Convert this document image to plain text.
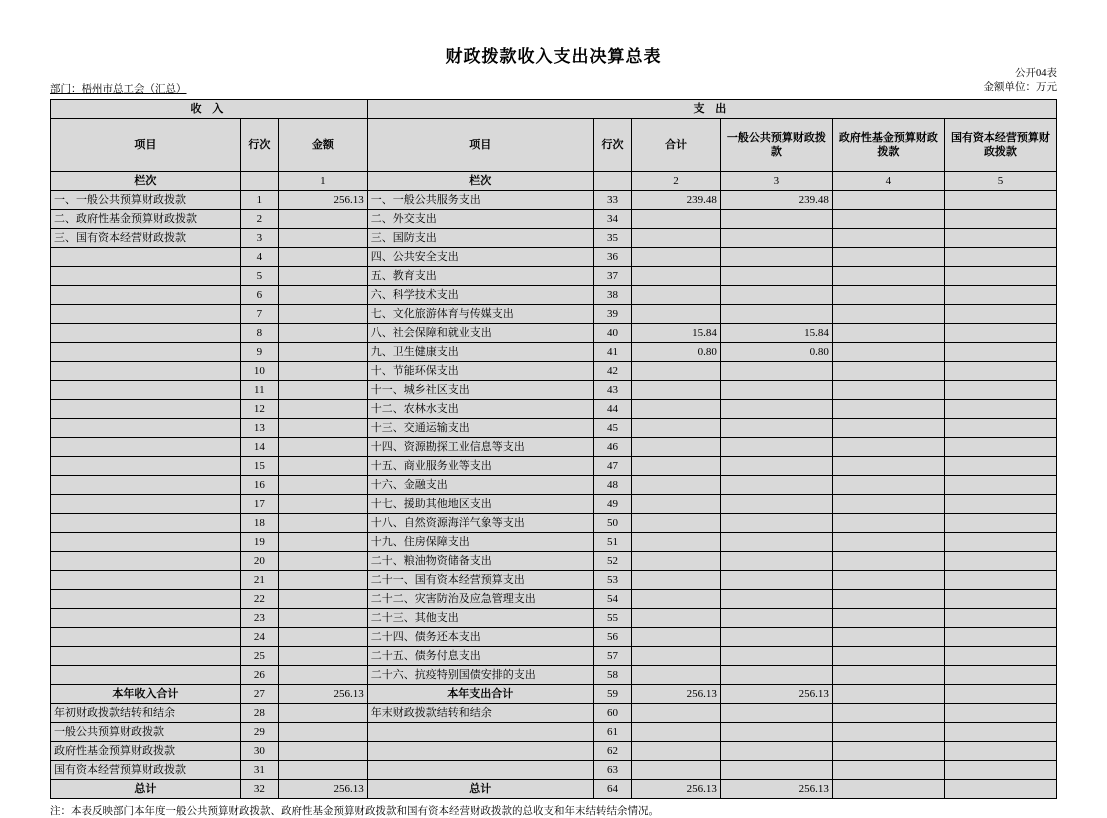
财政拨款收入支出决算总表
部门：梧州市总工会（汇总）
公开04表
金额单位：万元
收 入			支 出					

项目	行次	金额	项目	行次	合计	一般公共预算财政拨款	政府性基金预算财政拨款	国有资本经营预算财政拨款

栏次		1	栏次		2	3	4	5
一、一般公共预算财政拨款	1	256.13	一、一般公共服务支出	33	239.48	239.48		
二、政府性基金预算财政拨款	2		二、外交支出	34				
三、国有资本经营财政拨款	3		三、国防支出	35				
	4		四、公共安全支出	36				
	5		五、教育支出	37				
	6		六、科学技术支出	38				
	7		七、文化旅游体育与传媒支出	39				
	8		八、社会保障和就业支出	40	15.84	15.84		
	9		九、卫生健康支出	41	0.80	0.80		
	10		十、节能环保支出	42				
	11		十一、城乡社区支出	43				
	12		十二、农林水支出	44				
	13		十三、交通运输支出	45				
	14		十四、资源勘探工业信息等支出	46				
	15		十五、商业服务业等支出	47				
	16		十六、金融支出	48				
	17		十七、援助其他地区支出	49				
	18		十八、自然资源海洋气象等支出	50				
	19		十九、住房保障支出	51				
	20		二十、粮油物资储备支出	52				
	21		二十一、国有资本经营预算支出	53				
	22		二十二、灾害防治及应急管理支出	54				
	23		二十三、其他支出	55				
	24		二十四、债务还本支出	56				
	25		二十五、债务付息支出	57				
	26		二十六、抗疫特别国债安排的支出	58				
本年收入合计	27	256.13	本年支出合计	59	256.13	256.13		
年初财政拨款结转和结余	28		年末财政拨款结转和结余	60				
一般公共预算财政拨款	29			61				
政府性基金预算财政拨款	30			62				
国有资本经营预算财政拨款	31			63				
总计	32	256.13	总计	64	256.13	256.13		
注：本表反映部门本年度一般公共预算财政拨款、政府性基金预算财政拨款和国有资本经营财政拨款的总收支和年末结转结余情况。
